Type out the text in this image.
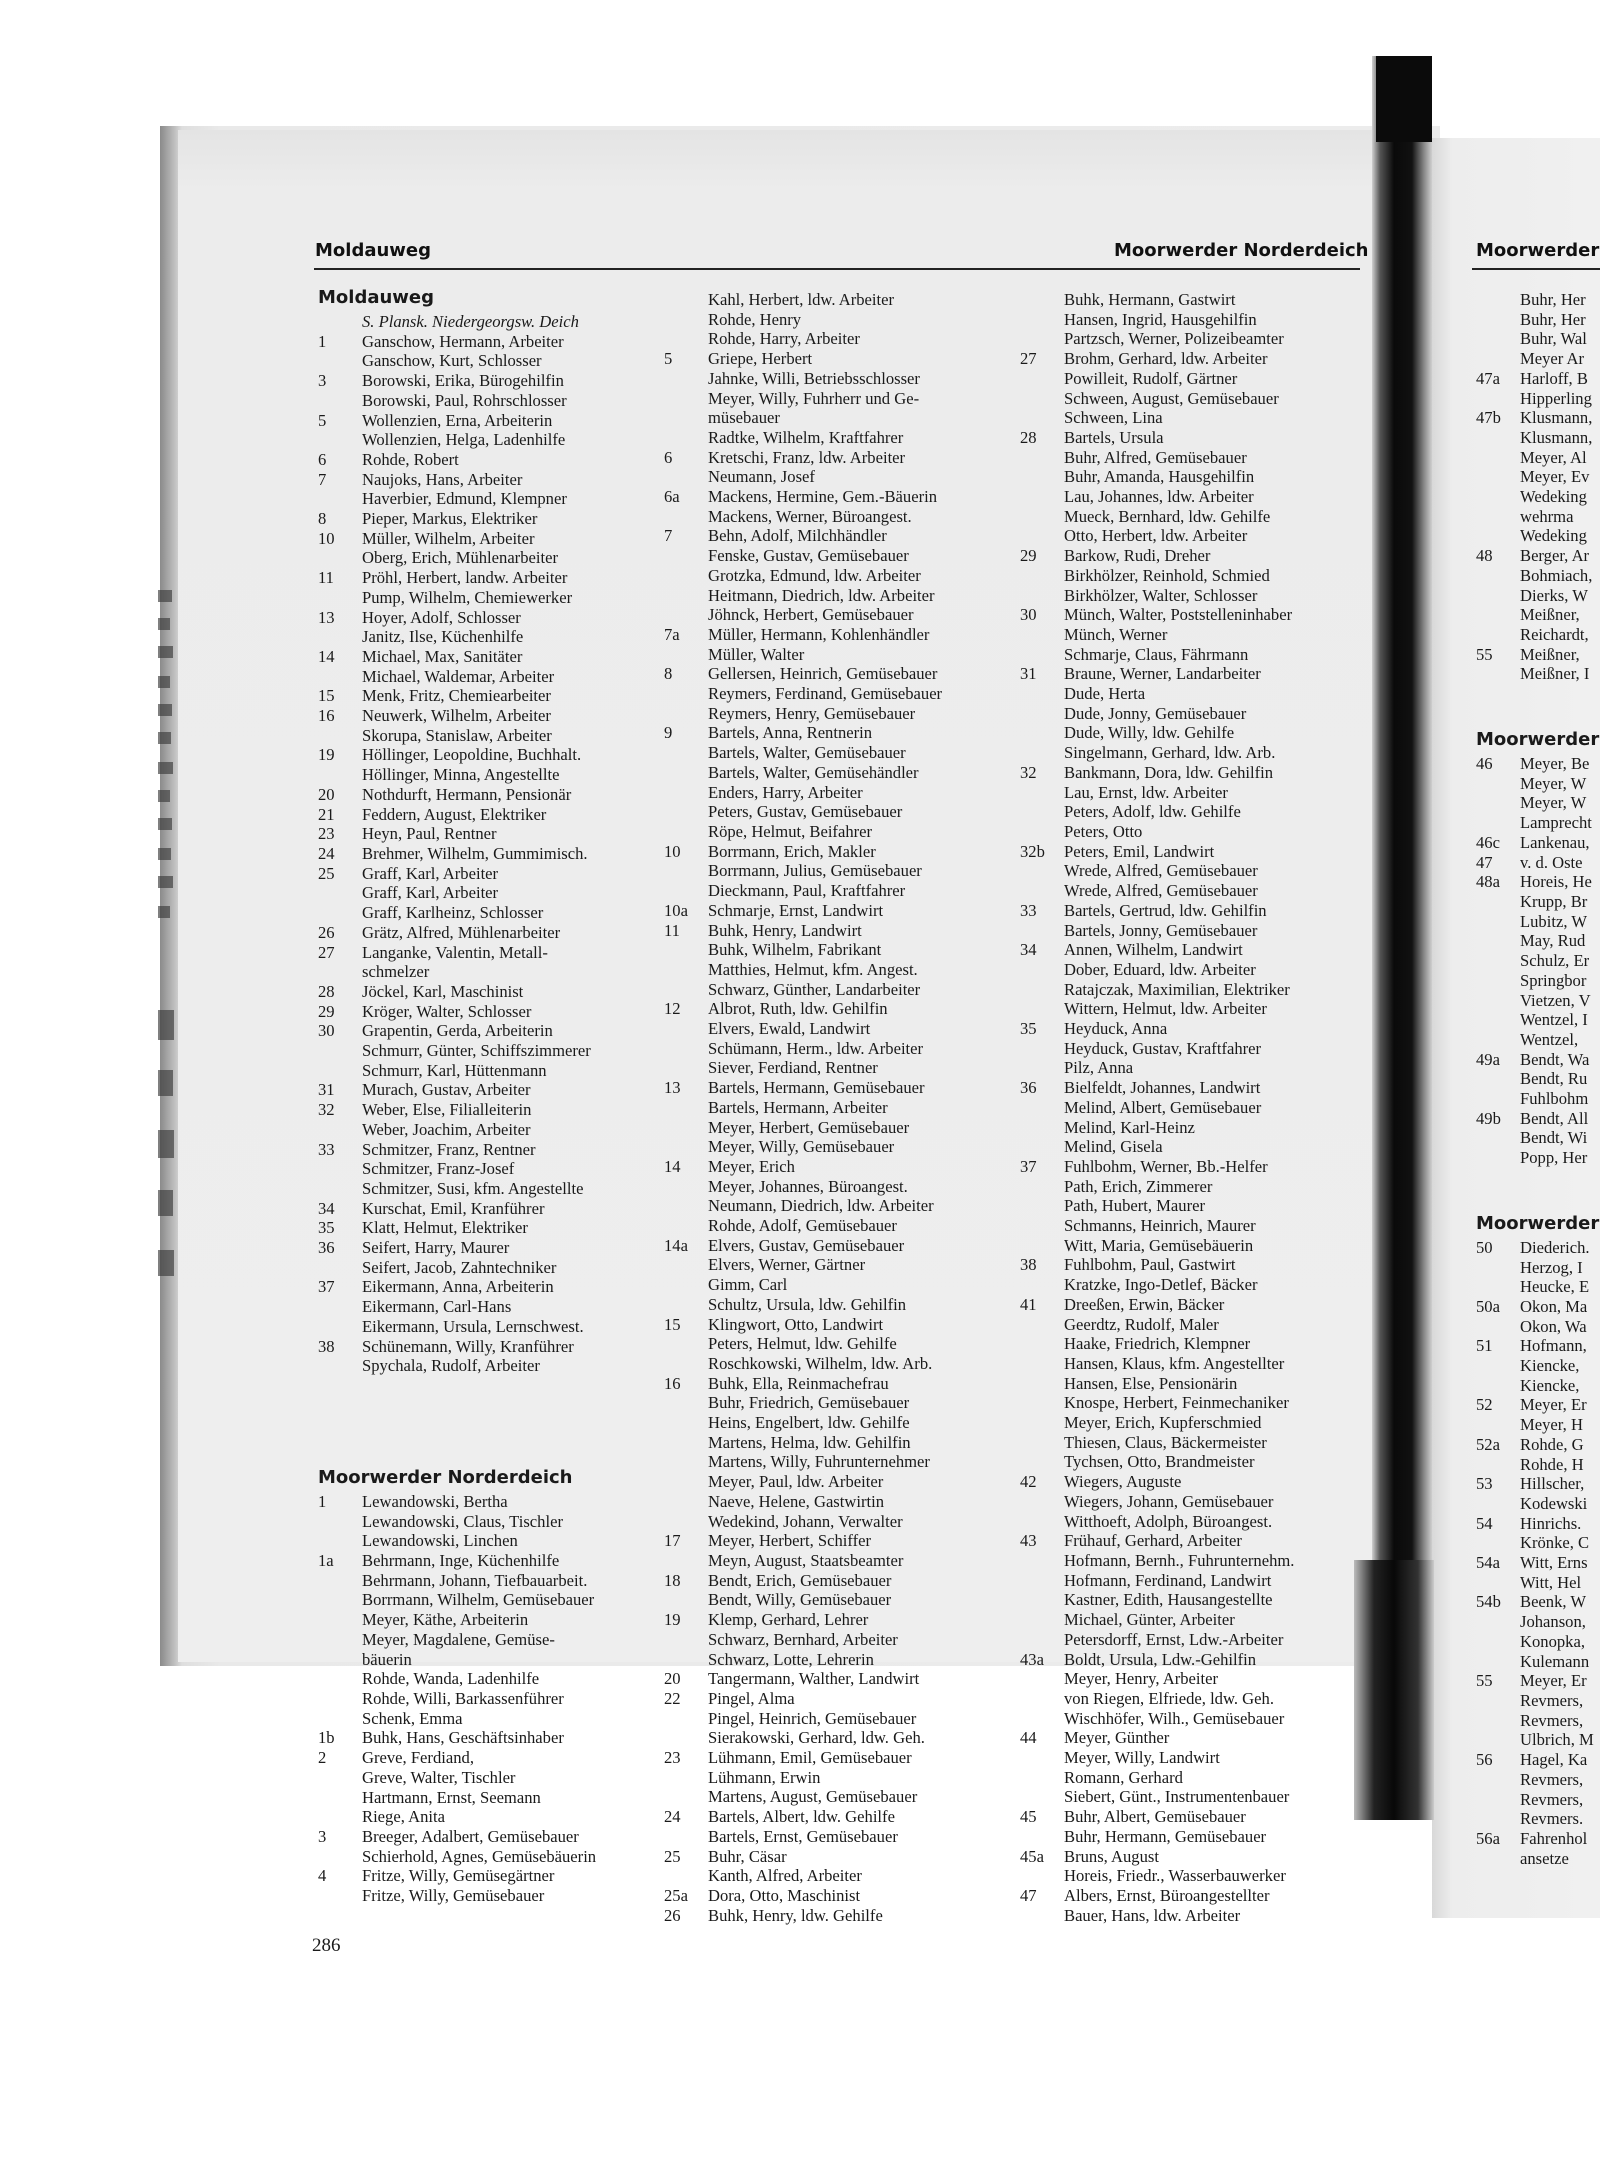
Moldauweg	Moorwerder Norderdeich	Moorwerder
Moldauweg
S. Plansk. Niedergeorgsw. Deich
1	Ganschow, Hermann, Arbeiter
Ganschow, Kurt, Schlosser
3	Borowski, Erika, Bürogehilfin
Borowski, Paul, Rohrschlosser
5	Wollenzien, Erna, Arbeiterin
Wollenzien, Helga, Ladenhilfe
6	Rohde, Robert
7	Naujoks, Hans, Arbeiter
Haverbier, Edmund, Klempner
8	Pieper, Markus, Elektriker
10	Müller, Wilhelm, Arbeiter
Oberg, Erich, Mühlenarbeiter
11	Pröhl, Herbert, landw. Arbeiter
Pump, Wilhelm, Chemiewerker
13	Hoyer, Adolf, Schlosser
Janitz, Ilse, Küchenhilfe
14	Michael, Max, Sanitäter
Michael, Waldemar, Arbeiter
15	Menk, Fritz, Chemiearbeiter
16	Neuwerk, Wilhelm, Arbeiter
Skorupa, Stanislaw, Arbeiter
19	Höllinger, Leopoldine, Buchhalt.
Höllinger, Minna, Angestellte
20	Nothdurft, Hermann, Pensionär
21	Feddern, August, Elektriker
23	Heyn, Paul, Rentner
24	Brehmer, Wilhelm, Gummimisch.
25	Graff, Karl, Arbeiter
Graff, Karl, Arbeiter
Graff, Karlheinz, Schlosser
26	Grätz, Alfred, Mühlenarbeiter
27	Langanke, Valentin, Metall-
schmelzer
28	Jöckel, Karl, Maschinist
29	Kröger, Walter, Schlosser
30	Grapentin, Gerda, Arbeiterin
Schmurr, Günter, Schiffszimmerer
Schmurr, Karl, Hüttenmann
31	Murach, Gustav, Arbeiter
32	Weber, Else, Filialleiterin
Weber, Joachim, Arbeiter
33	Schmitzer, Franz, Rentner
Schmitzer, Franz-Josef
Schmitzer, Susi, kfm. Angestellte
34	Kurschat, Emil, Kranführer
35	Klatt, Helmut, Elektriker
36	Seifert, Harry, Maurer
Seifert, Jacob, Zahntechniker
37	Eikermann, Anna, Arbeiterin
Eikermann, Carl-Hans
Eikermann, Ursula, Lernschwest.
38	Schünemann, Willy, Kranführer
Spychala, Rudolf, Arbeiter
Moorwerder Norderdeich
1	Lewandowski, Bertha
Lewandowski, Claus, Tischler
Lewandowski, Linchen
1a	Behrmann, Inge, Küchenhilfe
Behrmann, Johann, Tiefbauarbeit.
Borrmann, Wilhelm, Gemüsebauer
Meyer, Käthe, Arbeiterin
Meyer, Magdalene, Gemüse-
bäuerin
Rohde, Wanda, Ladenhilfe
Rohde, Willi, Barkassenführer
Schenk, Emma
1b	Buhk, Hans, Geschäftsinhaber
2	Greve, Ferdiand,
Greve, Walter, Tischler
Hartmann, Ernst, Seemann
Riege, Anita
3	Breeger, Adalbert, Gemüsebauer
Schierhold, Agnes, Gemüsebäuerin
4	Fritze, Willy, Gemüsegärtner
Fritze, Willy, Gemüsebauer
Kahl, Herbert, ldw. Arbeiter
Rohde, Henry
Rohde, Harry, Arbeiter
5	Griepe, Herbert
Jahnke, Willi, Betriebsschlosser
Meyer, Willy, Fuhrherr und Ge-
müsebauer
Radtke, Wilhelm, Kraftfahrer
6	Kretschi, Franz, ldw. Arbeiter
Neumann, Josef
6a	Mackens, Hermine, Gem.-Bäuerin
Mackens, Werner, Büroangest.
7	Behn, Adolf, Milchhändler
Fenske, Gustav, Gemüsebauer
Grotzka, Edmund, ldw. Arbeiter
Heitmann, Diedrich, ldw. Arbeiter
Jöhnck, Herbert, Gemüsebauer
7a	Müller, Hermann, Kohlenhändler
Müller, Walter
8	Gellersen, Heinrich, Gemüsebauer
Reymers, Ferdinand, Gemüsebauer
Reymers, Henry, Gemüsebauer
9	Bartels, Anna, Rentnerin
Bartels, Walter, Gemüsebauer
Bartels, Walter, Gemüsehändler
Enders, Harry, Arbeiter
Peters, Gustav, Gemüsebauer
Röpe, Helmut, Beifahrer
10	Borrmann, Erich, Makler
Borrmann, Julius, Gemüsebauer
Dieckmann, Paul, Kraftfahrer
10a	Schmarje, Ernst, Landwirt
11	Buhk, Henry, Landwirt
Buhk, Wilhelm, Fabrikant
Matthies, Helmut, kfm. Angest.
Schwarz, Günther, Landarbeiter
12	Albrot, Ruth, ldw. Gehilfin
Elvers, Ewald, Landwirt
Schümann, Herm., ldw. Arbeiter
Siever, Ferdiand, Rentner
13	Bartels, Hermann, Gemüsebauer
Bartels, Hermann, Arbeiter
Meyer, Herbert, Gemüsebauer
Meyer, Willy, Gemüsebauer
14	Meyer, Erich
Meyer, Johannes, Büroangest.
Neumann, Diedrich, ldw. Arbeiter
Rohde, Adolf, Gemüsebauer
14a	Elvers, Gustav, Gemüsebauer
Elvers, Werner, Gärtner
Gimm, Carl
Schultz, Ursula, ldw. Gehilfin
15	Klingwort, Otto, Landwirt
Peters, Helmut, ldw. Gehilfe
Roschkowski, Wilhelm, ldw. Arb.
16	Buhk, Ella, Reinmachefrau
Buhr, Friedrich, Gemüsebauer
Heins, Engelbert, ldw. Gehilfe
Martens, Helma, ldw. Gehilfin
Martens, Willy, Fuhrunternehmer
Meyer, Paul, ldw. Arbeiter
Naeve, Helene, Gastwirtin
Wedekind, Johann, Verwalter
17	Meyer, Herbert, Schiffer
Meyn, August, Staatsbeamter
18	Bendt, Erich, Gemüsebauer
Bendt, Willy, Gemüsebauer
19	Klemp, Gerhard, Lehrer
Schwarz, Bernhard, Arbeiter
Schwarz, Lotte, Lehrerin
20	Tangermann, Walther, Landwirt
22	Pingel, Alma
Pingel, Heinrich, Gemüsebauer
Sierakowski, Gerhard, ldw. Geh.
23	Lühmann, Emil, Gemüsebauer
Lühmann, Erwin
Martens, August, Gemüsebauer
24	Bartels, Albert, ldw. Gehilfe
Bartels, Ernst, Gemüsebauer
25	Buhr, Cäsar
Kanth, Alfred, Arbeiter
25a	Dora, Otto, Maschinist
26	Buhk, Henry, ldw. Gehilfe
Buhk, Hermann, Gastwirt
Hansen, Ingrid, Hausgehilfin
Partzsch, Werner, Polizeibeamter
27	Brohm, Gerhard, ldw. Arbeiter
Powilleit, Rudolf, Gärtner
Schween, August, Gemüsebauer
Schween, Lina
28	Bartels, Ursula
Buhr, Alfred, Gemüsebauer
Buhr, Amanda, Hausgehilfin
Lau, Johannes, ldw. Arbeiter
Mueck, Bernhard, ldw. Gehilfe
Otto, Herbert, ldw. Arbeiter
29	Barkow, Rudi, Dreher
Birkhölzer, Reinhold, Schmied
Birkhölzer, Walter, Schlosser
30	Münch, Walter, Poststelleninhaber
Münch, Werner
Schmarje, Claus, Fährmann
31	Braune, Werner, Landarbeiter
Dude, Herta
Dude, Jonny, Gemüsebauer
Dude, Willy, ldw. Gehilfe
Singelmann, Gerhard, ldw. Arb.
32	Bankmann, Dora, ldw. Gehilfin
Lau, Ernst, ldw. Arbeiter
Peters, Adolf, ldw. Gehilfe
Peters, Otto
32b	Peters, Emil, Landwirt
Wrede, Alfred, Gemüsebauer
Wrede, Alfred, Gemüsebauer
33	Bartels, Gertrud, ldw. Gehilfin
Bartels, Jonny, Gemüsebauer
34	Annen, Wilhelm, Landwirt
Dober, Eduard, ldw. Arbeiter
Ratajczak, Maximilian, Elektriker
Wittern, Helmut, ldw. Arbeiter
35	Heyduck, Anna
Heyduck, Gustav, Kraftfahrer
Pilz, Anna
36	Bielfeldt, Johannes, Landwirt
Melind, Albert, Gemüsebauer
Melind, Karl-Heinz
Melind, Gisela
37	Fuhlbohm, Werner, Bb.-Helfer
Path, Erich, Zimmerer
Path, Hubert, Maurer
Schmanns, Heinrich, Maurer
Witt, Maria, Gemüsebäuerin
38	Fuhlbohm, Paul, Gastwirt
Kratzke, Ingo-Detlef, Bäcker
41	Dreeßen, Erwin, Bäcker
Geerdtz, Rudolf, Maler
Haake, Friedrich, Klempner
Hansen, Klaus, kfm. Angestellter
Hansen, Else, Pensionärin
Knospe, Herbert, Feinmechaniker
Meyer, Erich, Kupferschmied
Thiesen, Claus, Bäckermeister
Tychsen, Otto, Brandmeister
42	Wiegers, Auguste
Wiegers, Johann, Gemüsebauer
Witthoeft, Adolph, Büroangest.
43	Frühauf, Gerhard, Arbeiter
Hofmann, Bernh., Fuhrunternehm.
Hofmann, Ferdinand, Landwirt
Kastner, Edith, Hausangestellte
Michael, Günter, Arbeiter
Petersdorff, Ernst, Ldw.-Arbeiter
43a	Boldt, Ursula, Ldw.-Gehilfin
Meyer, Henry, Arbeiter
von Riegen, Elfriede, ldw. Geh.
Wischhöfer, Wilh., Gemüsebauer
44	Meyer, Günther
Meyer, Willy, Landwirt
Romann, Gerhard
Siebert, Günt., Instrumentenbauer
45	Buhr, Albert, Gemüsebauer
Buhr, Hermann, Gemüsebauer
45a	Bruns, August
Horeis, Friedr., Wasserbauwerker
47	Albers, Ernst, Büroangestellter
Bauer, Hans, ldw. Arbeiter
Buhr, Her
Buhr, Her
Buhr, Wal
Meyer Ar
47a	Harloff, B
Hipperling
47b	Klusmann,
Klusmann,
Meyer, Al
Meyer, Ev
Wedeking
wehrma
Wedeking
48	Berger, Ar
Bohmiach,
Dierks, W
Meißner,
Reichardt,
55	Meißner,
Meißner, I
Moorwerder
46	Meyer, Be
Meyer, W
Meyer, W
Lamprecht
46c	Lankenau,
47	v. d. Oste
48a	Horeis, He
Krupp, Br
Lubitz, W
May, Rud
Schulz, Er
Springbor
Vietzen, V
Wentzel, I
Wentzel,
49a	Bendt, Wa
Bendt, Ru
Fuhlbohm
49b	Bendt, All
Bendt, Wi
Popp, Her
Moorwerder
50	Diederich.
Herzog, I
Heucke, E
50a	Okon, Ma
Okon, Wa
51	Hofmann,
Kiencke,
Kiencke,
52	Meyer, Er
Meyer, H
52a	Rohde, G
Rohde, H
53	Hillscher,
Kodewski
54	Hinrichs.
Krönke, C
54a	Witt, Erns
Witt, Hel
54b	Beenk, W
Johanson,
Konopka,
Kulemann
55	Meyer, Er
Revmers,
Revmers,
Ulbrich, M
56	Hagel, Ka
Revmers,
Revmers,
Revmers.
56a	Fahrenhol
ansetze
286
